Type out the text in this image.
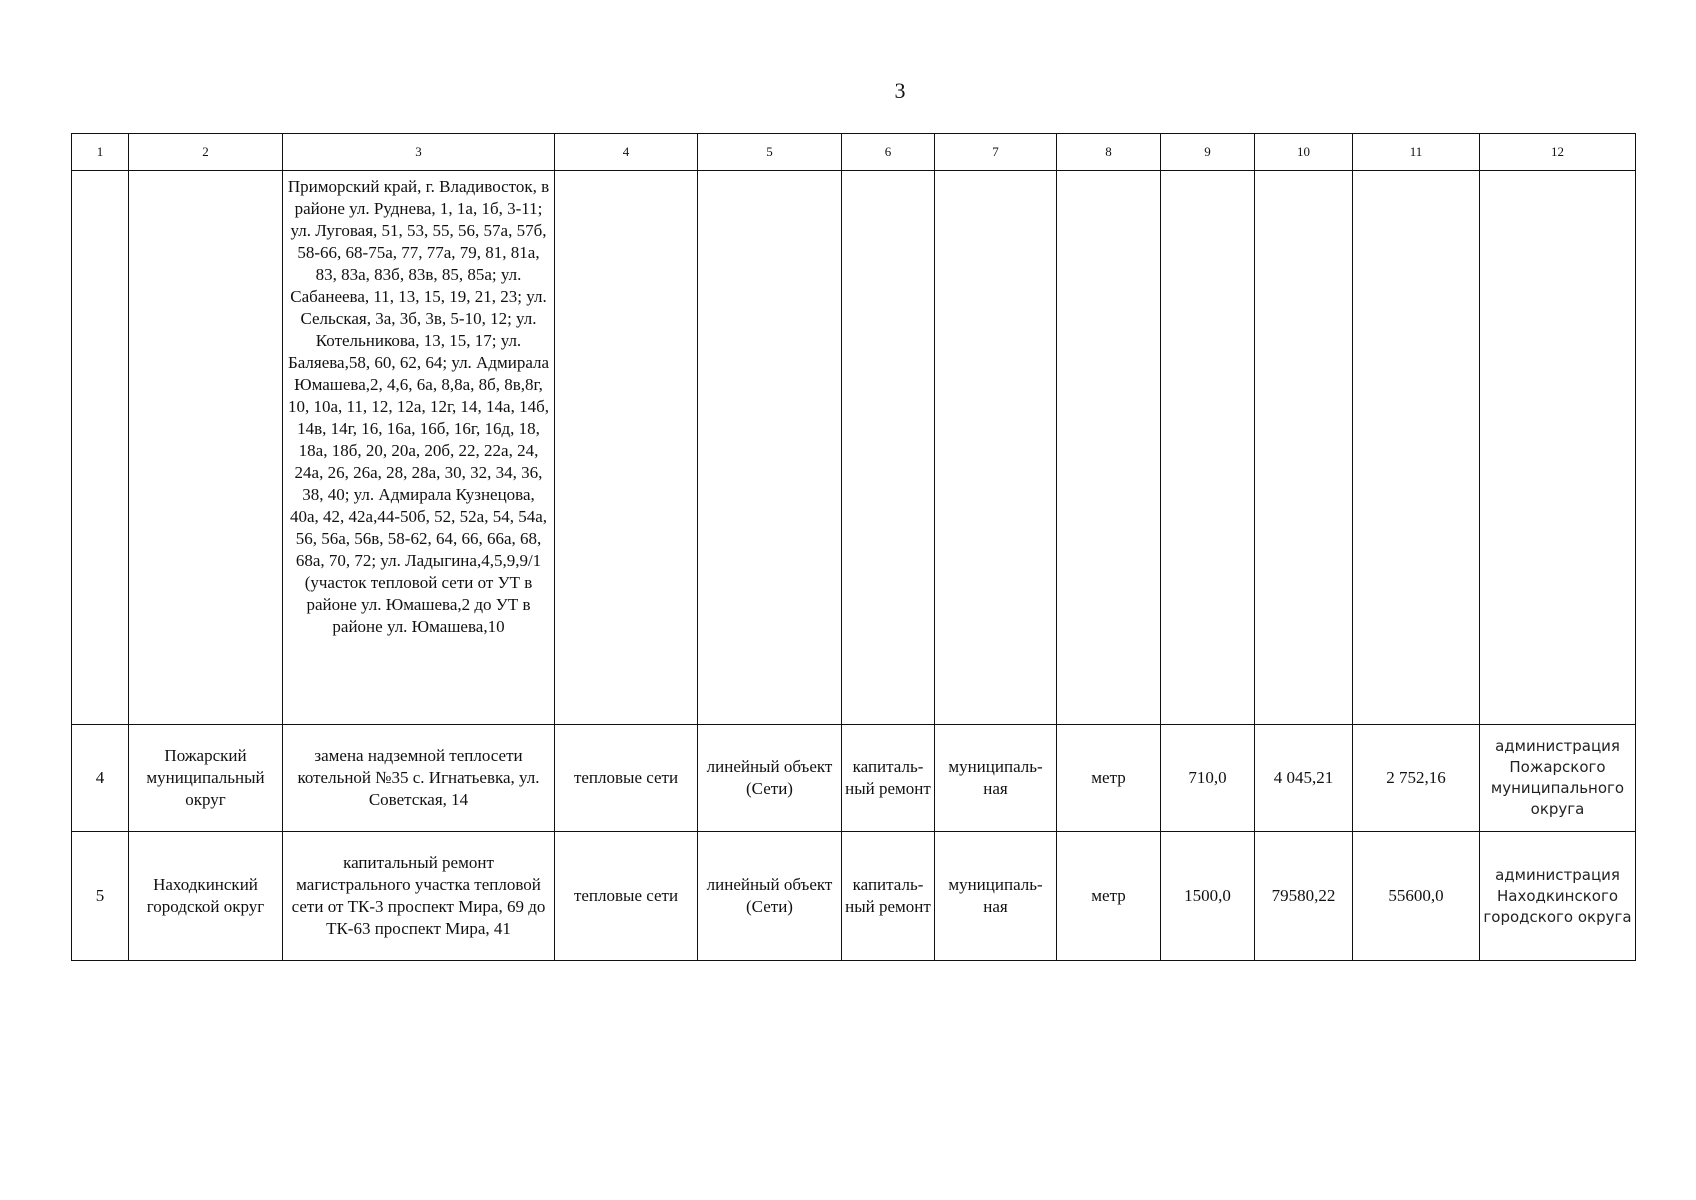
3
1	2	3	4	5	6	7	8	9	10	11	12
		Приморский край, г. Владивосток, в районе ул. Руднева, 1, 1а, 1б, 3-11; ул. Луговая, 51, 53, 55, 56, 57а, 57б, 58-66, 68-75а, 77, 77а, 79, 81, 81а, 83, 83а, 83б, 83в, 85, 85а; ул. Сабанеева, 11, 13, 15, 19, 21, 23; ул. Сельская, 3а, 3б, 3в, 5-10, 12; ул. Котельникова, 13, 15, 17; ул. Баляева,58, 60, 62, 64; ул. Адмирала Юмашева,2, 4,6, 6а, 8,8а, 8б, 8в,8г, 10, 10а, 11, 12, 12а, 12г, 14, 14а, 14б, 14в, 14г, 16, 16а, 16б, 16г, 16д, 18, 18а, 18б, 20, 20а, 20б, 22, 22а, 24, 24а, 26, 26а, 28, 28а, 30, 32, 34, 36, 38, 40; ул. Адмирала Кузнецова, 40а, 42, 42а,44-50б, 52, 52а, 54, 54а, 56, 56а, 56в, 58-62, 64, 66, 66а, 68, 68а, 70, 72; ул. Ладыгина,4,5,9,9/1 (участок тепловой сети от УТ в районе ул. Юмашева,2 до УТ в районе ул. Юмашева,10									
4	Пожарский муниципальный округ	замена надземной теплосети котельной №35 с. Игнатьевка, ул. Советская, 14	тепловые сети	линейный объект (Сети)	капиталь-ный ремонт	муниципаль-ная	метр	710,0	4 045,21	2 752,16	администрация Пожарского муниципального округа
5	Находкинский городской округ	капитальный ремонт магистрального участка тепловой сети от ТК-3 проспект Мира, 69 до ТК-63 проспект Мира, 41	тепловые сети	линейный объект (Сети)	капиталь-ный ремонт	муниципаль-ная	метр	1500,0	79580,22	55600,0	администрация Находкинского городского округа
